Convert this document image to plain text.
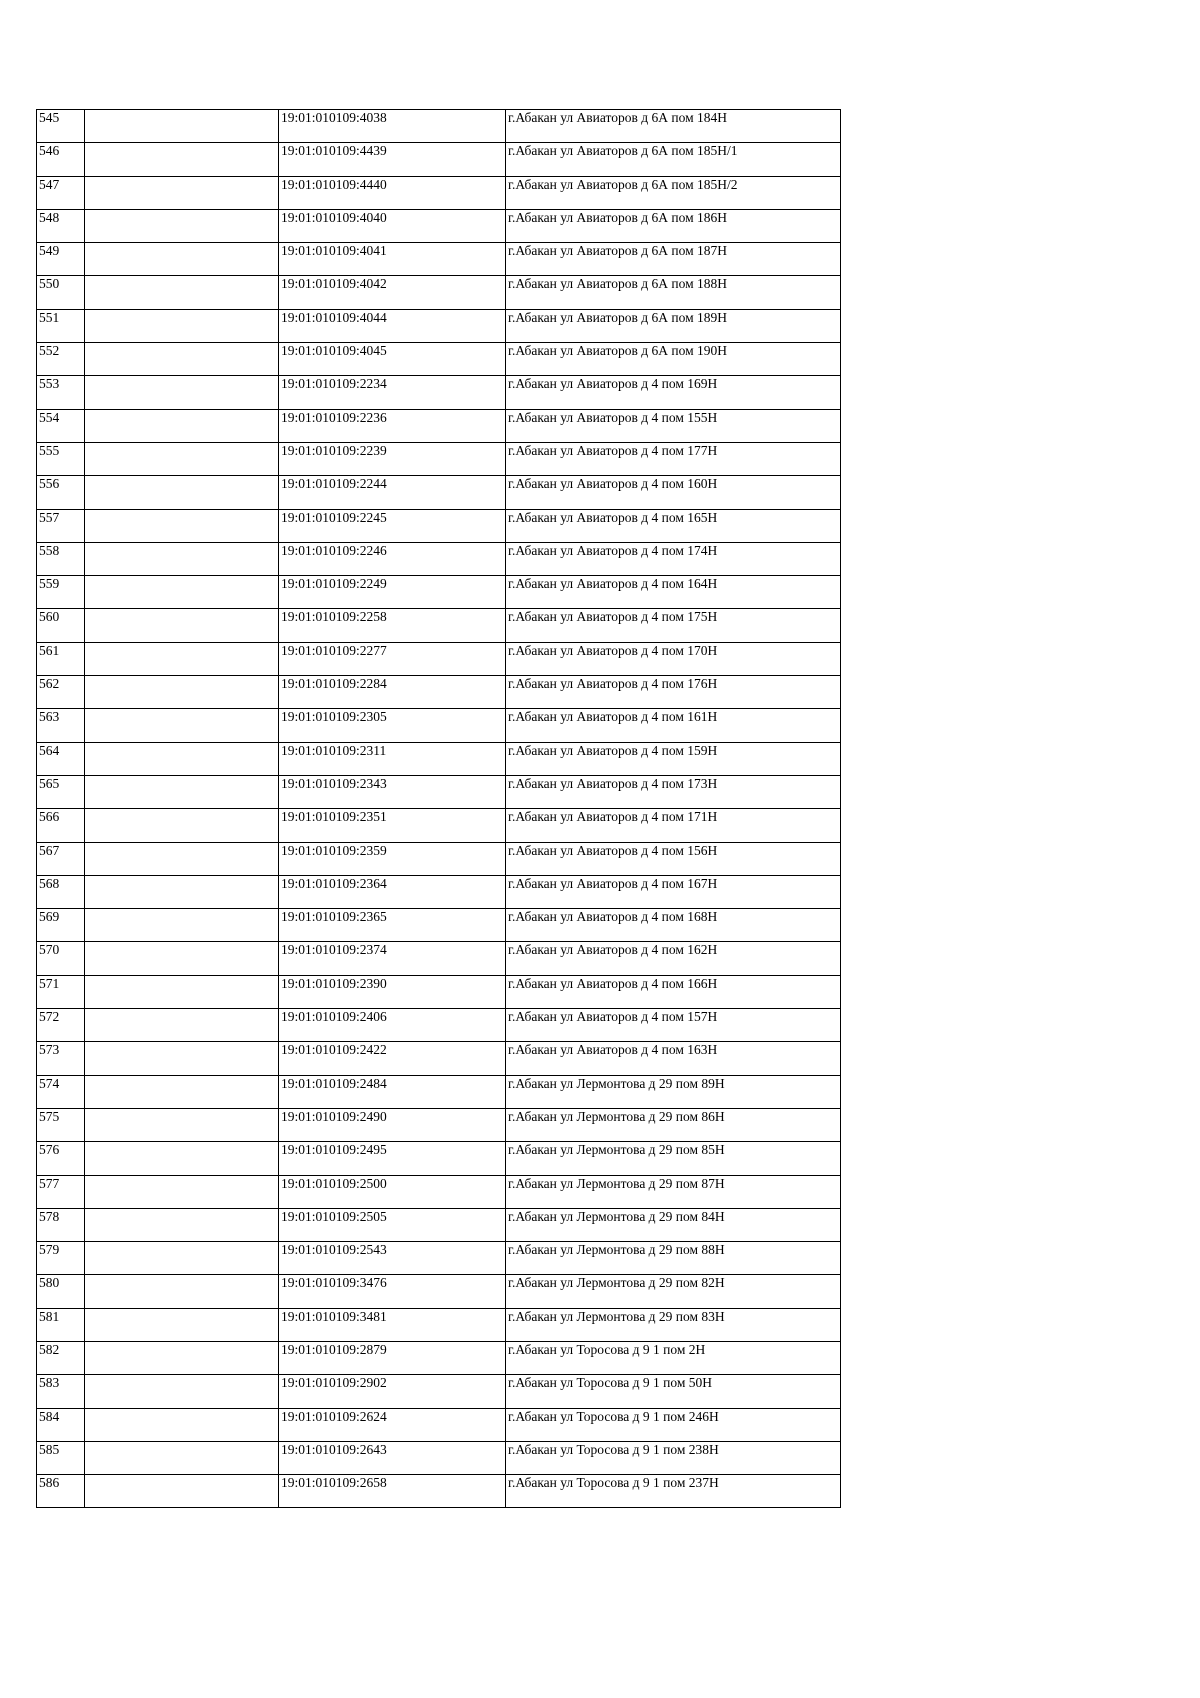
545		19:01:010109:4038	г.Абакан ул Авиаторов д 6А пом 184Н
546		19:01:010109:4439	г.Абакан ул Авиаторов д 6А пом 185Н/1
547		19:01:010109:4440	г.Абакан ул Авиаторов д 6А пом 185Н/2
548		19:01:010109:4040	г.Абакан ул Авиаторов д 6А пом 186Н
549		19:01:010109:4041	г.Абакан ул Авиаторов д 6А пом 187Н
550		19:01:010109:4042	г.Абакан ул Авиаторов д 6А пом 188Н
551		19:01:010109:4044	г.Абакан ул Авиаторов д 6А пом 189Н
552		19:01:010109:4045	г.Абакан ул Авиаторов д 6А пом 190Н
553		19:01:010109:2234	г.Абакан ул Авиаторов д 4 пом 169Н
554		19:01:010109:2236	г.Абакан ул Авиаторов д 4 пом 155Н
555		19:01:010109:2239	г.Абакан ул Авиаторов д 4 пом 177Н
556		19:01:010109:2244	г.Абакан ул Авиаторов д 4 пом 160Н
557		19:01:010109:2245	г.Абакан ул Авиаторов д 4 пом 165Н
558		19:01:010109:2246	г.Абакан ул Авиаторов д 4 пом 174Н
559		19:01:010109:2249	г.Абакан ул Авиаторов д 4 пом 164Н
560		19:01:010109:2258	г.Абакан ул Авиаторов д 4 пом 175Н
561		19:01:010109:2277	г.Абакан ул Авиаторов д 4 пом 170Н
562		19:01:010109:2284	г.Абакан ул Авиаторов д 4 пом 176Н
563		19:01:010109:2305	г.Абакан ул Авиаторов д 4 пом 161Н
564		19:01:010109:2311	г.Абакан ул Авиаторов д 4 пом 159Н
565		19:01:010109:2343	г.Абакан ул Авиаторов д 4 пом 173Н
566		19:01:010109:2351	г.Абакан ул Авиаторов д 4 пом 171Н
567		19:01:010109:2359	г.Абакан ул Авиаторов д 4 пом 156Н
568		19:01:010109:2364	г.Абакан ул Авиаторов д 4 пом 167Н
569		19:01:010109:2365	г.Абакан ул Авиаторов д 4 пом 168Н
570		19:01:010109:2374	г.Абакан ул Авиаторов д 4 пом 162Н
571		19:01:010109:2390	г.Абакан ул Авиаторов д 4 пом 166Н
572		19:01:010109:2406	г.Абакан ул Авиаторов д 4 пом 157Н
573		19:01:010109:2422	г.Абакан ул Авиаторов д 4 пом 163Н
574		19:01:010109:2484	г.Абакан ул Лермонтова д 29 пом 89Н
575		19:01:010109:2490	г.Абакан ул Лермонтова д 29 пом 86Н
576		19:01:010109:2495	г.Абакан ул Лермонтова д 29 пом 85Н
577		19:01:010109:2500	г.Абакан ул Лермонтова д 29 пом 87Н
578		19:01:010109:2505	г.Абакан ул Лермонтова д 29 пом 84Н
579		19:01:010109:2543	г.Абакан ул Лермонтова д 29 пом 88Н
580		19:01:010109:3476	г.Абакан ул Лермонтова д 29 пом 82Н
581		19:01:010109:3481	г.Абакан ул Лермонтова д 29 пом 83Н
582		19:01:010109:2879	г.Абакан ул Торосова д 9 1 пом 2Н
583		19:01:010109:2902	г.Абакан ул Торосова д 9 1 пом 50Н
584		19:01:010109:2624	г.Абакан ул Торосова д 9 1 пом 246Н
585		19:01:010109:2643	г.Абакан ул Торосова д 9 1 пом 238Н
586		19:01:010109:2658	г.Абакан ул Торосова д 9 1 пом 237Н
